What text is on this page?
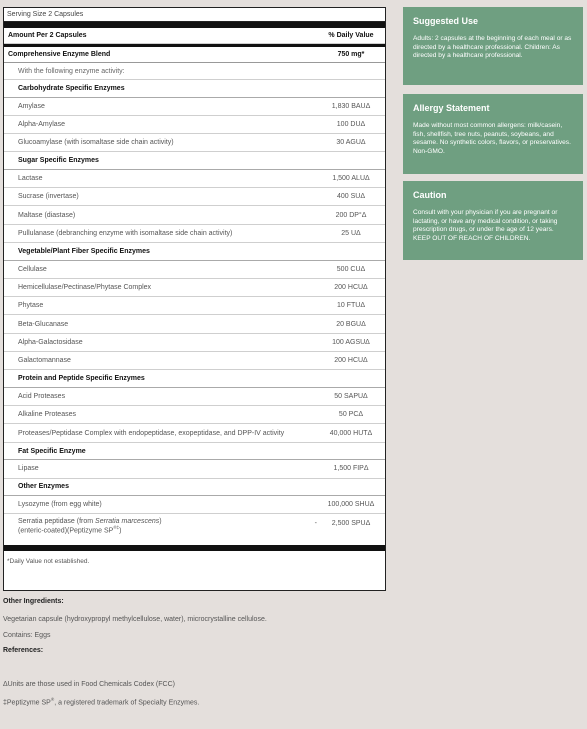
Serving Size 2 Capsules
Amount Per 2 Capsules	% Daily Value
Comprehensive Enzyme Blend	750 mg*
With the following enzyme activity:
Carbohydrate Specific Enzymes
Amylase	1,830 BAUΔ
Alpha-Amylase	100 DUΔ
Glucoamylase (with isomaltase side chain activity)	30 AGUΔ
Sugar Specific Enzymes
Lactase	1,500 ALUΔ
Sucrase (invertase)	400 SUΔ
Maltase (diastase)	200 DP°Δ
Pullulanase (debranching enzyme with isomaltase side chain activity)	25 UΔ
Vegetable/Plant Fiber Specific Enzymes
Cellulase	500 CUΔ
Hemicellulase/Pectinase/Phytase Complex	200 HCUΔ
Phytase	10 FTUΔ
Beta-Glucanase	20 BGUΔ
Alpha-Galactosidase	100 AGSUΔ
Galactomannase	200 HCUΔ
Protein and Peptide Specific Enzymes
Acid Proteases	50 SAPUΔ
Alkaline Proteases	50 PCΔ
Proteases/Peptidase Complex with endopeptidase, exopeptidase, and DPP-IV activity	40,000 HUTΔ
Fat Specific Enzyme
Lipase	1,500 FIPΔ
Other Enzymes
Lysozyme (from egg white)	100,000 SHUΔ
Serratia peptidase (from Serratia marcescens)
(enteric-coated)(Peptizyme SP®‡)
-	2,500 SPUΔ
*Daily Value not established.
Suggested Use
Adults: 2 capsules at the beginning of each meal or as directed by a healthcare professional. Children: As directed by a healthcare professional.
Allergy Statement
Made without most common allergens: milk/casein, fish, shellfish, tree nuts, peanuts, soybeans, and sesame. No synthetic colors, flavors, or preservatives. Non-GMO.
Caution
Consult with your physician if you are pregnant or lactating, or have any medical condition, or taking prescription drugs, or under the age of 12 years. KEEP OUT OF REACH OF CHILDREN.
Other Ingredients:
Vegetarian capsule (hydroxypropyl methylcellulose, water), microcrystalline cellulose.
Contains: Eggs
References:
ΔUnits are those used in Food Chemicals Codex (FCC)
‡Peptizyme SP®, a registered trademark of Specialty Enzymes.
